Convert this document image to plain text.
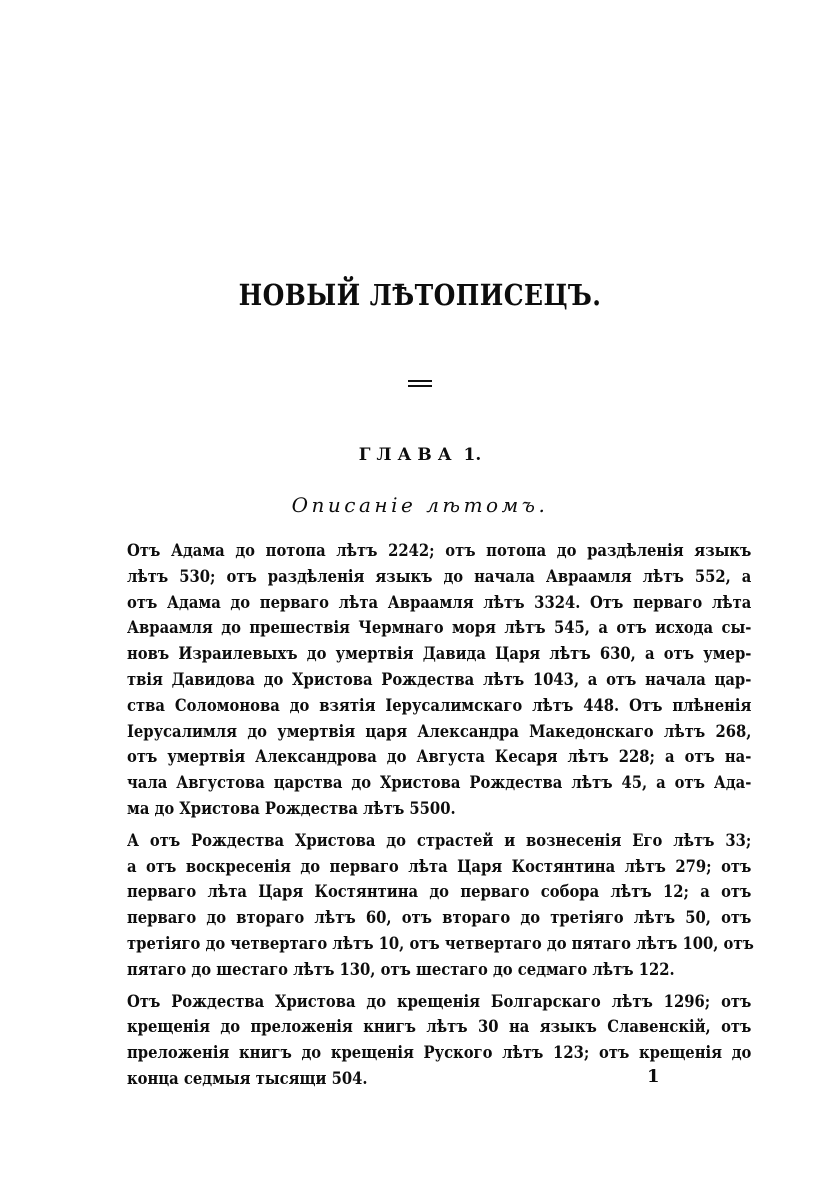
НОВЫЙ ЛѢТОПИСЕЦЪ.
ГЛАВА 1.
Описаніе лѣтомъ.
Отъ Адама до потопа лѣтъ 2242; отъ потопа до раздѣленія языкъ
лѣтъ 530; отъ раздѣленія языкъ до начала Авраамля лѣтъ 552, а
отъ Адама до перваго лѣта Авраамля лѣтъ 3324. Отъ перваго лѣта
Авраамля до прешествія Чермнаго моря лѣтъ 545, а отъ исхода сы-
новъ Израилевыхъ до умертвія Давида Царя лѣтъ 630, а отъ умер-
твія Давидова до Христова Рождества лѣтъ 1043, а отъ начала цар-
ства Соломонова до взятія Іерусалимскаго лѣтъ 448. Отъ плѣненія
Іерусалимля до умертвія царя Александра Македонскаго лѣтъ 268,
отъ умертвія Александрова до Августа Кесаря лѣтъ 228; а отъ на-
чала Августова царства до Христова Рождества лѣтъ 45, а отъ Ада-
ма до Христова Рождества лѣтъ 5500.
А отъ Рождества Христова до страстей и вознесенія Его лѣтъ 33;
а отъ воскресенія до перваго лѣта Царя Костянтина лѣтъ 279; отъ
перваго лѣта Царя Костянтина до перваго собора лѣтъ 12; а отъ
перваго до втораго лѣтъ 60, отъ втораго до третіяго лѣтъ 50, отъ
третіяго до четвертаго лѣтъ 10, отъ четвертаго до пятаго лѣтъ 100, отъ
пятаго до шестаго лѣтъ 130, отъ шестаго до седмаго лѣтъ 122.
Отъ Рождества Христова до крещенія Болгарскаго лѣтъ 1296; отъ
крещенія до преложенія книгъ лѣтъ 30 на языкъ Славенскій, отъ
преложенія книгъ до крещенія Руского лѣтъ 123; отъ крещенія до
конца седмыя тысящи 504.	1
